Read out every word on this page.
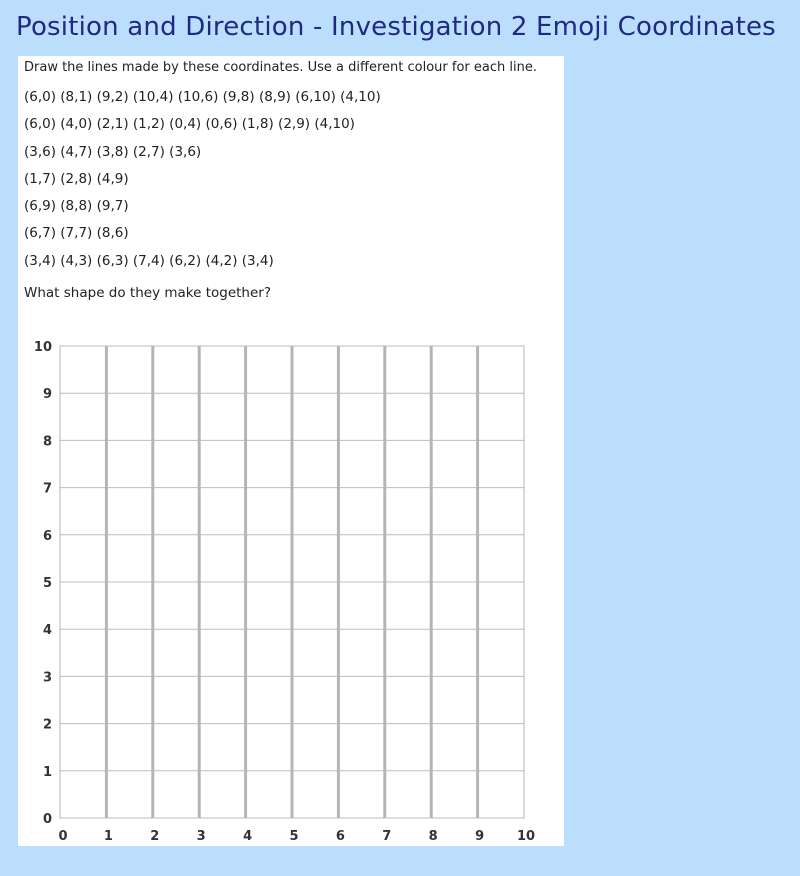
Position and Direction - Investigation 2 Emoji Coordinates
Draw the lines made by these coordinates. Use a different colour for each line.
(6,0) (8,1) (9,2) (10,4) (10,6) (9,8) (8,9) (6,10) (4,10)
(6,0) (4,0) (2,1) (1,2) (0,4) (0,6) (1,8) (2,9) (4,10)
(3,6) (4,7) (3,8) (2,7) (3,6)
(1,7) (2,8) (4,9)
(6,9) (8,8) (9,7)
(6,7) (7,7) (8,6)
(3,4) (4,3) (6,3) (7,4) (6,2) (4,2) (3,4)
What shape do they make together?
0	1	2	3	4	5	6	7	8	9	10
0
1
2
3
4
5
6
7
8
9
10
